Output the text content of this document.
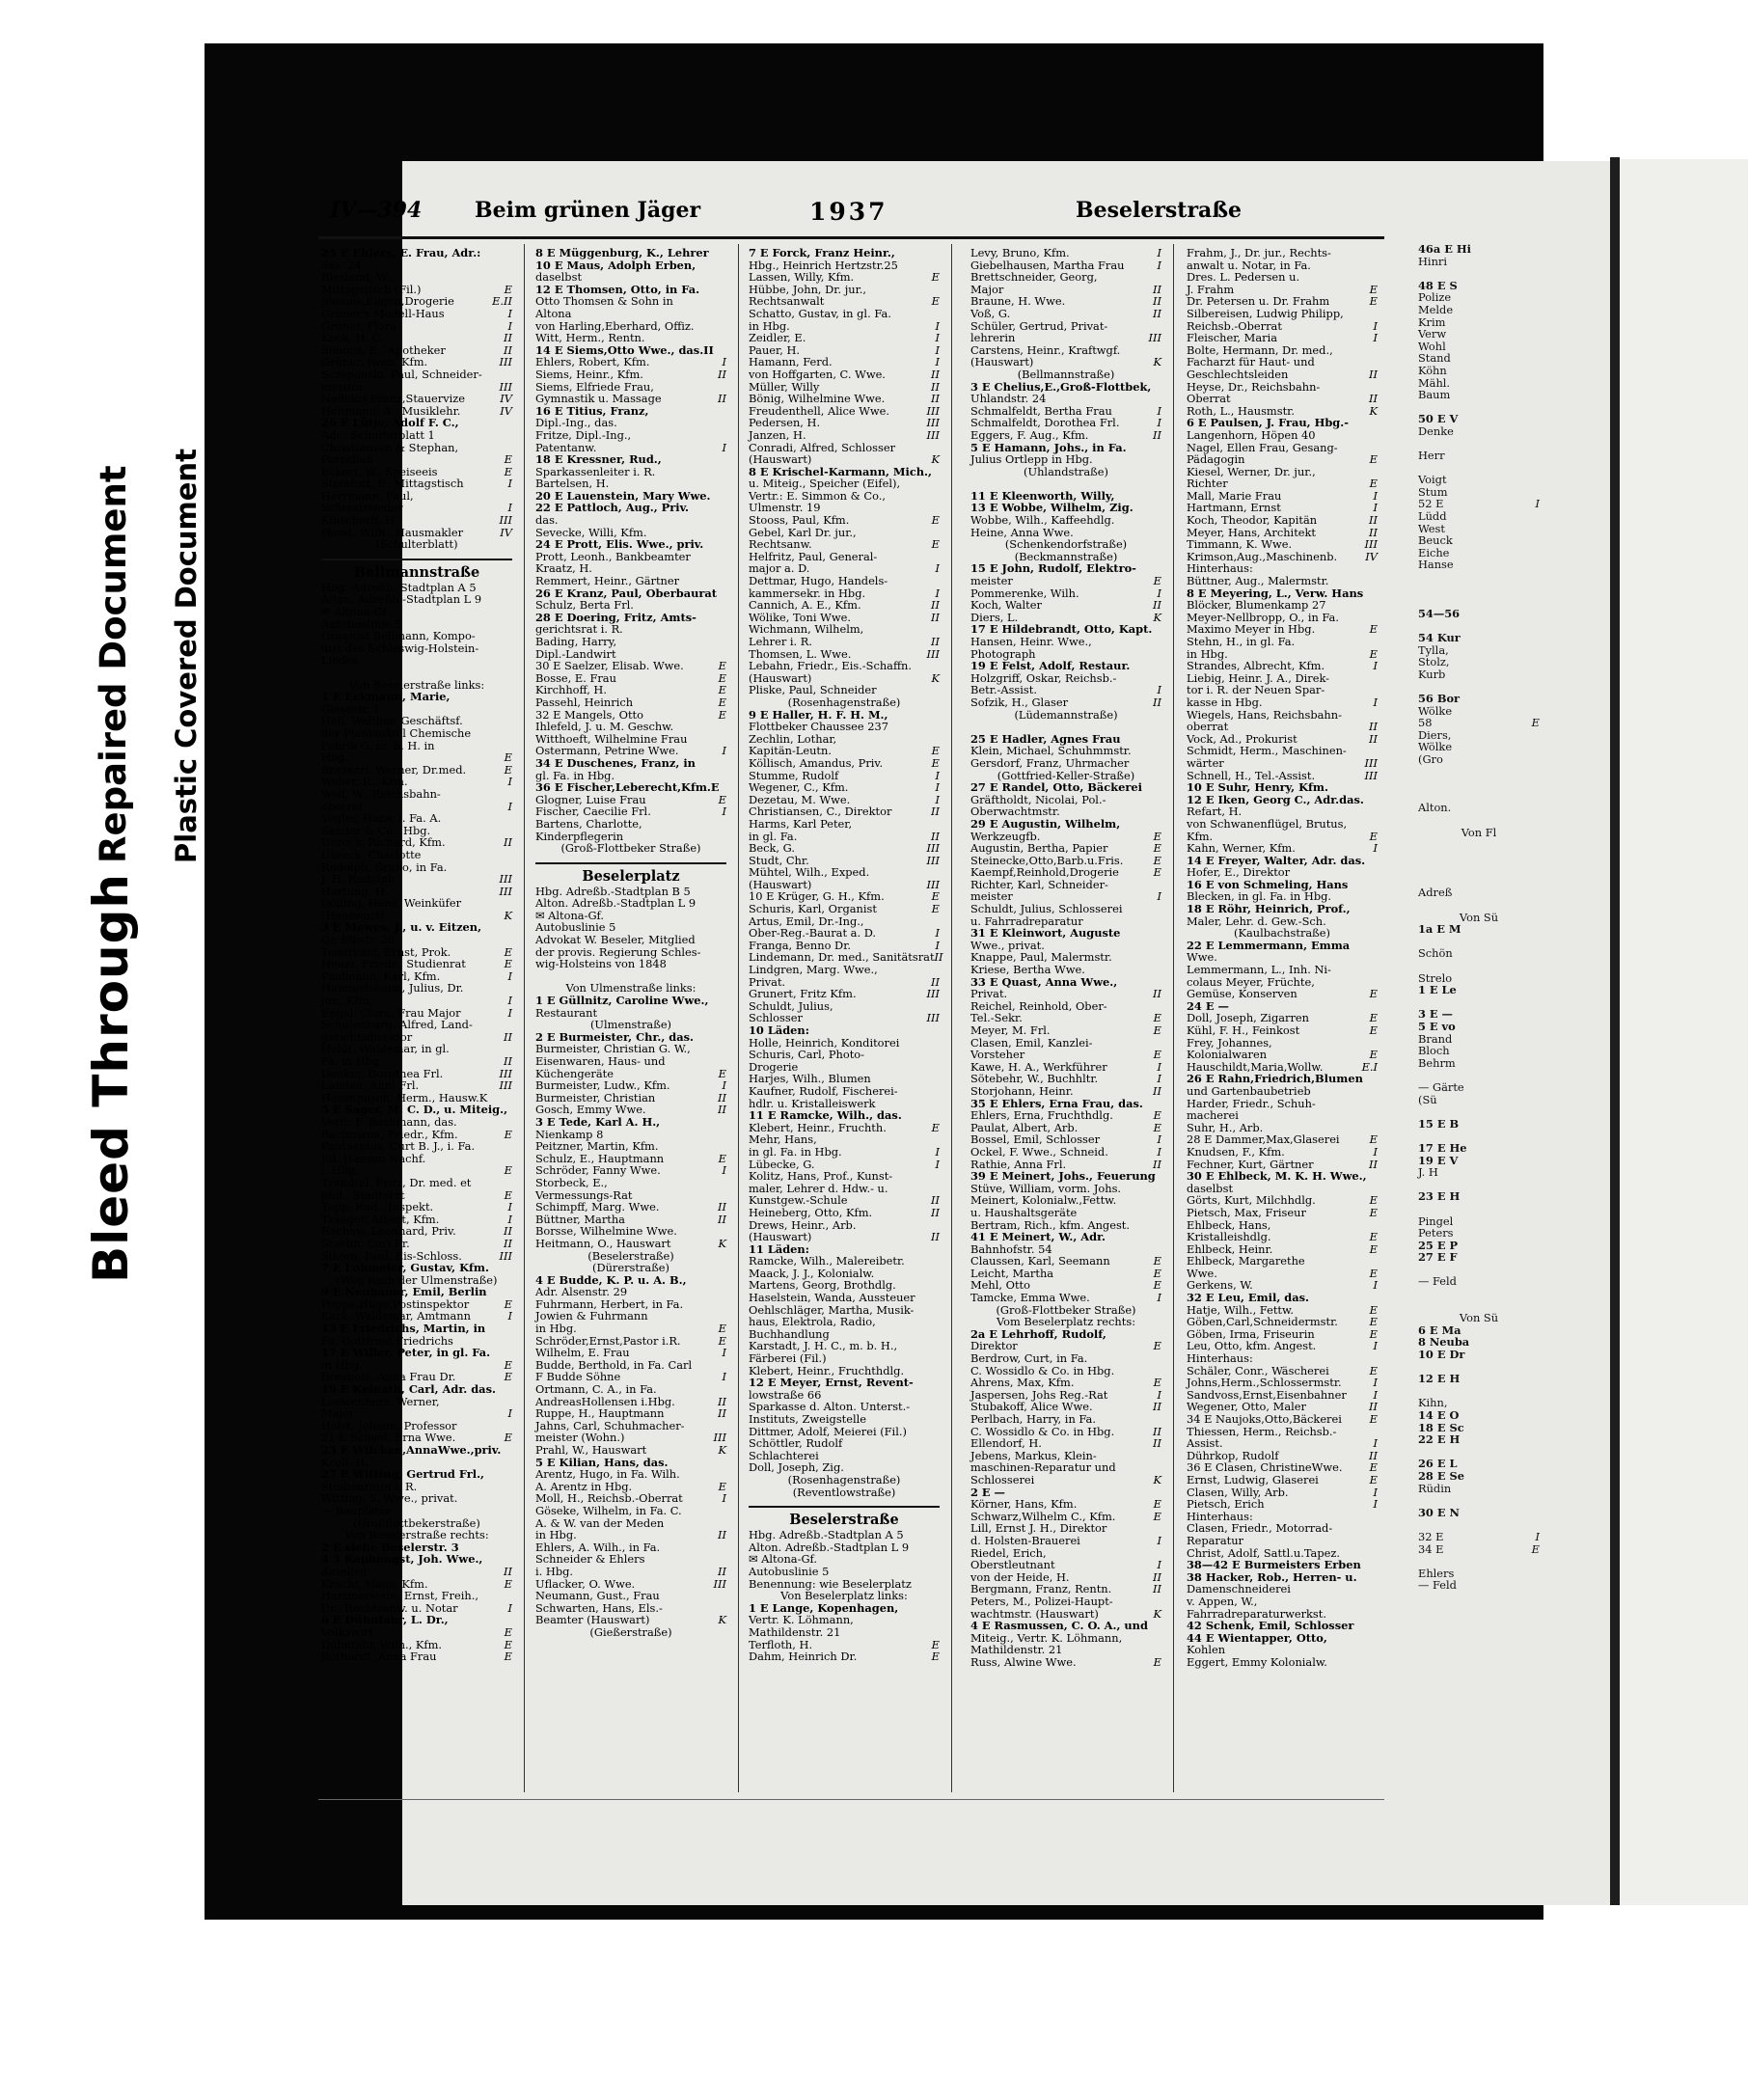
Bleed Through
Repaired Document Plastic Covered Document
IV—394 Beim grünen Jäger	1937	Beselerstraße
25 E Ehlers, E. Frau, Adr.:
das. 24
Riesland, W.,
Mittagstisch (Fil.)	E
Simons,Eugen,Drogerie	E.II
Grüner's Modell-Haus	I
Grüner, Flora	I
Kock, H. C.	II
Simons, E., Apotheker	II
Grüner, Iwan, Kfm.	III
Sczepanski, Paul, Schneider-
meister	III
Nadolny,Franz,Stauervize	IV
Heitmann, A., Musiklehr.	IV
26 E Lütje, Adolf F. C.,
Adr.: Schulterblatt 1
Christiansen & Stephan,
Porzellan	E
Eckert, W., Speiseeis	E
Steinfort, F., Mittagstisch	I
Herrmann, Paul,
Schmalzsieder	I
Kinscherff, H.	III
Horst, Wilh., Hausmakler	IV
(Schulterblatt)
Bellmannstraße
Hbg. Adreßb.-Stadtplan A 5
Alton. Adreßb.-Stadtplan L 9
✉ Altona-Gf.
Autobuslinie 5
Organist Bellmann, Kompo-
nist des Schleswig-Holstein-
Liedes

Von Beselerstraße links:
1 E Eckmann, Marie,
Giesestr. 1
Hell, Walther, Geschäftsf.
der Planktokoll Chemische
Fabrik G. m. b. H. in
Hbg.	E
Brezazzi, Werner, Dr.med.	E
Weber, R., Kfm.	I
Well, W., Reichsbahn-
oberrat	I
Vogler, Hans, i. Fa. A.
Sander & Co., Hbg.
Uszeck, Richard, Kfm.	II
Uszeck, Charlotte
Rudolph, Bruno, in Fa.
J. H. Rudolph	III
Hartung, H.	III
Dölling, Hans, Weinküfer
(Hauswart)	K
3 E Mewes, J., u. v. Eitzen,
Gr. Elbstr. 20
Teuerkauf, Ernst, Prok.	E
Heuer, Friedr., Studienrat	E
Paulmann, Karl, Kfm.	I
Hummelsheim, Julius, Dr.
jur., Kfm.	I
Engel, Clara, Frau Major	I
Schulenburg, Alfred, Land-
gerichtsdirektor	II
Heldt, Waldemar, in gl.
Fa. in Hbg.	II
Denker, Dorothea Frl.	III
Landau, Anni Frl.	III
Hasenpusch, Herm., Hausw.K
5 E Sager, M. C. D., u. Miteig.,
Vertr. F. Bachmann, das.
Bachmann, Friedr., Kfm.	E
Pantaenius, Curt B. J., i. Fa.
Jul. Hansen Nachf.
i. Hbg.	E
Trendtel, Fritz, Dr. med. et
phil., Stadtarzt	E
Tepp, Rud., Inspekt.	I
Traeger, Albert, Kfm.	I
Rochow, Leonhard, Priv.	II
Staelin, Carl Fr.	II
Sikora, Paul, Eis-Schloss.	III
7 E Lohmeier, Gustav, Kfm.
(Weg nach der Ulmenstraße)
9 E Neubauer, Emil, Berlin
Poppe,Hugo,Postinspektor	E
Kark, Waldemar, Amtmann	I
13 E Friedrichs, Martin, in
Fa. Gottfried Friedrichs
17 E Willer, Peter, in gl. Fa.
in Hbg.	E
Breyholz, Anna Frau Dr.	E
19 E Kelnath, Carl, Adr. das.
Loewenherz, Werner,
Major	I
Holst, Johann, Professor
21 E Scheel, Erna Wwe.	E
23 E Wilcken,AnnaWwe.,priv.
Kroll, H.
27 E Witting, Gertrud Frl.,
Studienrätin i. R.
Witting, S. Wwe., privat.
— Bauplätze
(Großflottbekerstraße)
Von Beselerstraße rechts:
2 E siehe Beselerstr. 3
4 3 Kaphengst, Joh. Wwe.,
daselbst	II
Kracht, Hans, Kfm.	E
Hammerstein, Ernst, Freih.,
Dr., Rechtsanw. u. Notar	I
6 E Dühnfahr, L. Dr.,
Volkswirt	E
Dühnfahr, Wilh., Kfm.	E
Rothardt, Anna Frau	E
8 E Müggenburg, K., Lehrer
10 E Maus, Adolph Erben,
daselbst
12 E Thomsen, Otto, in Fa.
Otto Thomsen & Sohn in
Altona
von Harling,Eberhard, Offiz.
Witt, Herm., Rentn.
14 E Siems,Otto Wwe., das.II
Ehlers, Robert, Kfm.	I
Siems, Heinr., Kfm.	II
Siems, Elfriede Frau,
Gymnastik u. Massage	II
16 E Titius, Franz,
Dipl.-Ing., das.
Fritze, Dipl.-Ing.,
Patentanw.	I
18 E Kressner, Rud.,
Sparkassenleiter i. R.
Bartelsen, H.
20 E Lauenstein, Mary Wwe.
22 E Pattloch, Aug., Priv.
das.
Sevecke, Willi, Kfm.
24 E Prott, Elis. Wwe., priv.
Prott, Leonh., Bankbeamter
Kraatz, H.
Remmert, Heinr., Gärtner
26 E Kranz, Paul, Oberbaurat
Schulz, Berta Frl.
28 E Doering, Fritz, Amts-
gerichtsrat i. R.
Bading, Harry,
Dipl.-Landwirt
30 E Saelzer, Elisab. Wwe.	E
Bosse, E. Frau	E
Kirchhoff, H.	E
Passehl, Heinrich	E
32 E Mangels, Otto	E
Ihlefeld, J. u. M. Geschw.
Witthoeft, Wilhelmine Frau
Ostermann, Petrine Wwe.	I
34 E Duschenes, Franz, in
gl. Fa. in Hbg.
36 E Fischer,Leberecht,Kfm.E
Glogner, Luise Frau	E
Fischer, Caecilie Frl.	I
Bartens, Charlotte,
Kinderpflegerin
(Groß-Flottbeker Straße)
Beselerplatz
Hbg. Adreßb.-Stadtplan B 5
Alton. Adreßb.-Stadtplan L 9
✉ Altona-Gf.
Autobuslinie 5
Advokat W. Beseler, Mitglied
der provis. Regierung Schles-
wig-Holsteins von 1848

Von Ulmenstraße links:
1 E Güllnitz, Caroline Wwe.,
Restaurant
(Ulmenstraße)
2 E Burmeister, Chr., das.
Burmeister, Christian G. W.,
Eisenwaren, Haus- und
Küchengeräte	E
Burmeister, Ludw., Kfm.	I
Burmeister, Christian	II
Gosch, Emmy Wwe.	II
3 E Tede, Karl A. H.,
Nienkamp 8
Peitzner, Martin, Kfm.
Schulz, E., Hauptmann	E
Schröder, Fanny Wwe.	I
Storbeck, E.,
Vermessungs-Rat
Schimpff, Marg. Wwe.	II
Büttner, Martha	II
Borsse, Wilhelmine Wwe.
Heitmann, O., Hauswart	K
(Beselerstraße)
(Dürerstraße)
4 E Budde, K. P. u. A. B.,
Adr. Alsenstr. 29
Fuhrmann, Herbert, in Fa.
Jowien & Fuhrmann
in Hbg.	E
Schröder,Ernst,Pastor i.R.	E
Wilhelm, E. Frau	I
Budde, Berthold, in Fa. Carl
F Budde Söhne	I
Ortmann, C. A., in Fa.
AndreasHollensen i.Hbg.	II
Ruppe, H., Hauptmann	II
Jahns, Carl, Schuhmacher-
meister (Wohn.)	III
Prahl, W., Hauswart	K
5 E Kilian, Hans, das.
Arentz, Hugo, in Fa. Wilh.
A. Arentz in Hbg.	E
Moll, H., Reichsb.-Oberrat	I
Göseke, Wilhelm, in Fa. C.
A. & W. van der Meden
in Hbg.	II
Ehlers, A. Wilh., in Fa.
Schneider & Ehlers
i. Hbg.	II
Uflacker, O. Wwe.	III
Neumann, Gust., Frau
Schwarten, Hans, Els.-
Beamter (Hauswart)	K
(Gießerstraße)
7 E Forck, Franz Heinr.,
Hbg., Heinrich Hertzstr.25
Lassen, Willy, Kfm.	E
Hübbe, John, Dr. jur.,
Rechtsanwalt	E
Schatto, Gustav, in gl. Fa.
in Hbg.	I
Zeidler, E.	I
Pauer, H.	I
Hamann, Ferd.	I
von Hoffgarten, C. Wwe.	II
Müller, Willy	II
Bönig, Wilhelmine Wwe.	II
Freudenthell, Alice Wwe.	III
Pedersen, H.	III
Janzen, H.	III
Conradi, Alfred, Schlosser
(Hauswart)	K
8 E Krischel-Karmann, Mich.,
u. Miteig., Speicher (Eifel),
Vertr.: E. Simmon & Co.,
Ulmenstr. 19
Stooss, Paul, Kfm.	E
Gebel, Karl Dr. jur.,
Rechtsanw.	E
Helfritz, Paul, General-
major a. D.	I
Dettmar, Hugo, Handels-
kammersekr. in Hbg.	I
Cannich, A. E., Kfm.	II
Wölike, Toni Wwe.	II
Wichmann, Wilhelm,
Lehrer i. R.	II
Thomsen, L. Wwe.	III
Lebahn, Friedr., Eis.-Schaffn.
(Hauswart)	K
Pliske, Paul, Schneider
(Rosenhagenstraße)
9 E Haller, H. F. H. M.,
Flottbeker Chaussee 237
Zechlin, Lothar,
Kapitän-Leutn.	E
Köllisch, Amandus, Priv.	E
Stumme, Rudolf	I
Wegener, C., Kfm.	I
Dezetau, M. Wwe.	I
Christiansen, C., Direktor	II
Harms, Karl Peter,
in gl. Fa.	II
Beck, G.	III
Studt, Chr.	III
Mühtel, Wilh., Exped.
(Hauswart)	III
10 E Krüger, G. H., Kfm.	E
Schuris, Karl, Organist	E
Artus, Emil, Dr.-Ing.,
Ober-Reg.-Baurat a. D.	I
Franga, Benno Dr.	I
Lindemann, Dr. med., Sanitätsrat II
Lindgren, Marg. Wwe.,
Privat.	II
Grunert, Fritz Kfm.	III
Schuldt, Julius,
Schlosser	III
10 Läden:
Holle, Heinrich, Konditorei
Schuris, Carl, Photo-
Drogerie
Harjes, Wilh., Blumen
Kaufner, Rudolf, Fischerei-
hdlr. u. Kristalleiswerk
11 E Ramcke, Wilh., das.
Klebert, Heinr., Fruchth.	E
Mehr, Hans,
in gl. Fa. in Hbg.	I
Lübecke, G.	I
Kolitz, Hans, Prof., Kunst-
maler, Lehrer d. Hdw.- u.
Kunstgew.-Schule	II
Heineberg, Otto, Kfm.	II
Drews, Heinr., Arb.
(Hauswart)	II
11 Läden:
Ramcke, Wilh., Malereibetr.
Maack, J. J., Kolonialw.
Martens, Georg, Brothdlg.
Haselstein, Wanda, Aussteuer
Oehlschläger, Martha, Musik-
haus, Elektrola, Radio,
Buchhandlung
Karstadt, J. H. C., m. b. H.,
Färberei (Fil.)
Klebert, Heinr., Fruchthdlg.
12 E Meyer, Ernst, Revent-
lowstraße 66
Sparkasse d. Alton. Unterst.-
Instituts, Zweigstelle
Dittmer, Adolf, Meierei (Fil.)
Schöttler, Rudolf
Schlachterei
Doll, Joseph, Zig.
(Rosenhagenstraße)
(Reventlowstraße)
Beselerstraße
Hbg. Adreßb.-Stadtplan A 5
Alton. Adreßb.-Stadtplan L 9
✉ Altona-Gf.
Autobuslinie 5
Benennung: wie Beselerplatz
Von Beselerplatz links:
1 E Lange, Kopenhagen,
Vertr. K. Löhmann,
Mathildenstr. 21
Terfloth, H.	E
Dahm, Heinrich Dr.	E
Levy, Bruno, Kfm.	I
Giebelhausen, Martha Frau	I
Brettschneider, Georg,
Major	II
Braune, H. Wwe.	II
Voß, G.	II
Schüler, Gertrud, Privat-
lehrerin	III
Carstens, Heinr., Kraftwgf.
(Hauswart)	K
(Bellmannstraße)
3 E Chelius,E.,Groß-Flottbek,
Uhlandstr. 24
Schmalfeldt, Bertha Frau	I
Schmalfeldt, Dorothea Frl.	I
Eggers, F. Aug., Kfm.	II
5 E Hamann, Johs., in Fa.
Julius Ortlepp in Hbg.
(Uhlandstraße)

11 E Kleenworth, Willy,
13 E Wobbe, Wilhelm, Zig.
Wobbe, Wilh., Kaffeehdlg.
Heine, Anna Wwe.
(Schenkendorfstraße)
(Beckmannstraße)
15 E John, Rudolf, Elektro-
meister	E
Pommerenke, Wilh.	I
Koch, Walter	II
Diers, L.	K
17 E Hildebrandt, Otto, Kapt.
Hansen, Heinr. Wwe.,
Photograph
19 E Felst, Adolf, Restaur.
Holzgriff, Oskar, Reichsb.-
Betr.-Assist.	I
Sofzik, H., Glaser	II
(Lüdemannstraße)

25 E Hadler, Agnes Frau
Klein, Michael, Schuhmmstr.
Gersdorf, Franz, Uhrmacher
(Gottfried-Keller-Straße)
27 E Randel, Otto, Bäckerei
Gräftholdt, Nicolai, Pol.-
Oberwachtmstr.
29 E Augustin, Wilhelm,
Werkzeugfb.	E
Augustin, Bertha, Papier	E
Steinecke,Otto,Barb.u.Fris.	E
Kaempf,Reinhold,Drogerie	E
Richter, Karl, Schneider-
meister	I
Schuldt, Julius, Schlosserei
u. Fahrradreparatur
31 E Kleinwort, Auguste
Wwe., privat.
Knappe, Paul, Malermstr.
Kriese, Bertha Wwe.
33 E Quast, Anna Wwe.,
Privat.	II
Reichel, Reinhold, Ober-
Tel.-Sekr.	E
Meyer, M. Frl.	E
Clasen, Emil, Kanzlei-
Vorsteher	E
Kawe, H. A., Werkführer	I
Sötebehr, W., Buchhltr.	I
Storjohann, Heinr.	II
35 E Ehlers, Erna Frau, das.
Ehlers, Erna, Fruchthdlg.	E
Paulat, Albert, Arb.	E
Bossel, Emil, Schlosser	I
Ockel, F. Wwe., Schneid.	I
Rathie, Anna Frl.	II
39 E Meinert, Johs., Feuerung
Stüve, William, vorm. Johs.
Meinert, Kolonialw.,Fettw.
u. Haushaltsgeräte
Bertram, Rich., kfm. Angest.
41 E Meinert, W., Adr.
Bahnhofstr. 54
Claussen, Karl, Seemann	E
Leicht, Martha	E
Mehl, Otto	E
Tamcke, Emma Wwe.	I
(Groß-Flottbeker Straße)
Vom Beselerplatz rechts:
2a E Lehrhoff, Rudolf,
Direktor	E
Berdrow, Curt, in Fa.
C. Wossidlo & Co. in Hbg.
Ahrens, Max, Kfm.	E
Jaspersen, Johs Reg.-Rat	I
Stubakoff, Alice Wwe.	II
Perlbach, Harry, in Fa.
C. Wossidlo & Co. in Hbg.	II
Ellendorf, H.	II
Jebens, Markus, Klein-
maschinen-Reparatur und
Schlosserei	K
2 E —
Körner, Hans, Kfm.	E
Schwarz,Wilhelm C., Kfm.	E
Lill, Ernst J. H., Direktor
d. Holsten-Brauerei	I
Riedel, Erich,
Oberstleutnant	I
von der Heide, H.	II
Bergmann, Franz, Rentn.	II
Peters, M., Polizei-Haupt-
wachtmstr. (Hauswart)	K
4 E Rasmussen, C. O. A., und
Miteig., Vertr. K. Löhmann,
Mathildenstr. 21
Russ, Alwine Wwe.	E
Frahm, J., Dr. jur., Rechts-
anwalt u. Notar, in Fa.
Dres. L. Pedersen u.
J. Frahm	E
Dr. Petersen u. Dr. Frahm	E
Silbereisen, Ludwig Philipp,
Reichsb.-Oberrat	I
Fleischer, Maria	I
Bolte, Hermann, Dr. med.,
Facharzt für Haut- und
Geschlechtsleiden	II
Heyse, Dr., Reichsbahn-
Oberrat	II
Roth, L., Hausmstr.	K
6 E Paulsen, J. Frau, Hbg.-
Langenhorn, Höpen 40
Nagel, Ellen Frau, Gesang-
Pädagogin	E
Kiesel, Werner, Dr. jur.,
Richter	E
Mall, Marie Frau	I
Hartmann, Ernst	I
Koch, Theodor, Kapitän	II
Meyer, Hans, Architekt	II
Timmann, K. Wwe.	III
Krimson,Aug.,Maschinenb.	IV
Hinterhaus:
Büttner, Aug., Malermstr.
8 E Meyering, L., Verw. Hans
Blöcker, Blumenkamp 27
Meyer-Nellbropp, O., in Fa.
Maximo Meyer in Hbg.	E
Stehn, H., in gl. Fa.
in Hbg.	E
Strandes, Albrecht, Kfm.	I
Liebig, Heinr. J. A., Direk-
tor i. R. der Neuen Spar-
kasse in Hbg.	I
Wiegels, Hans, Reichsbahn-
oberrat	II
Vock, Ad., Prokurist	II
Schmidt, Herm., Maschinen-
wärter	III
Schnell, H., Tel.-Assist.	III
10 E Suhr, Henry, Kfm.
12 E Iken, Georg C., Adr.das.
Refart, H.
von Schwanenflügel, Brutus,
Kfm.	E
Kahn, Werner, Kfm.	I
14 E Freyer, Walter, Adr. das.
Hofer, E., Direktor
16 E von Schmeling, Hans
Blecken, in gl. Fa. in Hbg.
18 E Röhr, Heinrich, Prof.,
Maler, Lehr. d. Gew.-Sch.
(Kaulbachstraße)
22 E Lemmermann, Emma
Wwe.
Lemmermann, L., Inh. Ni-
colaus Meyer, Früchte,
Gemüse, Konserven	E
24 E —
Doll, Joseph, Zigarren	E
Kühl, F. H., Feinkost	E
Frey, Johannes,
Kolonialwaren	E
Hauschildt,Maria,Wollw.	E.I
26 E Rahn,Friedrich,Blumen
und Gartenbaubetrieb
Harder, Friedr., Schuh-
macherei
Suhr, H., Arb.
28 E Dammer,Max,Glaserei	E
Knudsen, F., Kfm.	I
Fechner, Kurt, Gärtner	II
30 E Ehlbeck, M. K. H. Wwe.,
daselbst
Görts, Kurt, Milchhdlg.	E
Pietsch, Max, Friseur	E
Ehlbeck, Hans,
Kristalleishdlg.	E
Ehlbeck, Heinr.	E
Ehlbeck, Margarethe
Wwe.	E
Gerkens, W.	I
32 E Leu, Emil, das.
Hatje, Wilh., Fettw.	E
Göben,Carl,Schneidermstr.	E
Göben, Irma, Friseurin	E
Leu, Otto, kfm. Angest.	I
Hinterhaus:
Schäler, Conr., Wäscherei	E
Johns,Herm.,Schlossermstr.	I
Sandvoss,Ernst,Eisenbahner I
Wegener, Otto, Maler	II
34 E Naujoks,Otto,Bäckerei	E
Thiessen, Herm., Reichsb.-
Assist.	I
Dührkop, Rudolf	II
36 E Clasen, ChristineWwe. E
Ernst, Ludwig, Glaserei	E
Clasen, Willy, Arb.	I
Pietsch, Erich	I
Hinterhaus:
Clasen, Friedr., Motorrad-
Reparatur
Christ, Adolf, Sattl.u.Tapez.
38—42 E Burmeisters Erben
38 Hacker, Rob., Herren- u.
Damenschneiderei
v. Appen, W.,
Fahrradreparaturwerkst.
42 Schenk, Emil, Schlosser
44 E Wientapper, Otto,
Kohlen
Eggert, Emmy Kolonialw.
46a E Hi
Hinri

48 E S
Polize
Melde
Krim
Verw
Wohl
Stand
Köhn
Mähl.
Baum

50 E V
Denke

Herr

Voigt
Stum
52 E	I
Lüdd
West
Beuck
Eiche
Hanse

54—56

54 Kur
Tylla,
Stolz,
Kurb

56 Bor
Wölke
58	E
Diers,
Wölke
(Gro

Alton.

Von Fl

Adreß

Von Sü
1a E M

Schön

Strelo
1 E Le

3 E —
5 E vo
Brand
Bloch
Behrm

— Gärte
(Sü

15 E B

17 E He
19 E V
J. H

23 E H

Pingel
Peters
25 E P
27 E F

— Feld

Von Sü
6 E Ma
8 Neuba
10 E Dr

12 E H

Kihn,
14 E O
18 E Sc
22 E H

26 E L
28 E Se
Rüdin

30 E N

32 E	I
34 E	E

Ehlers
— Feld
